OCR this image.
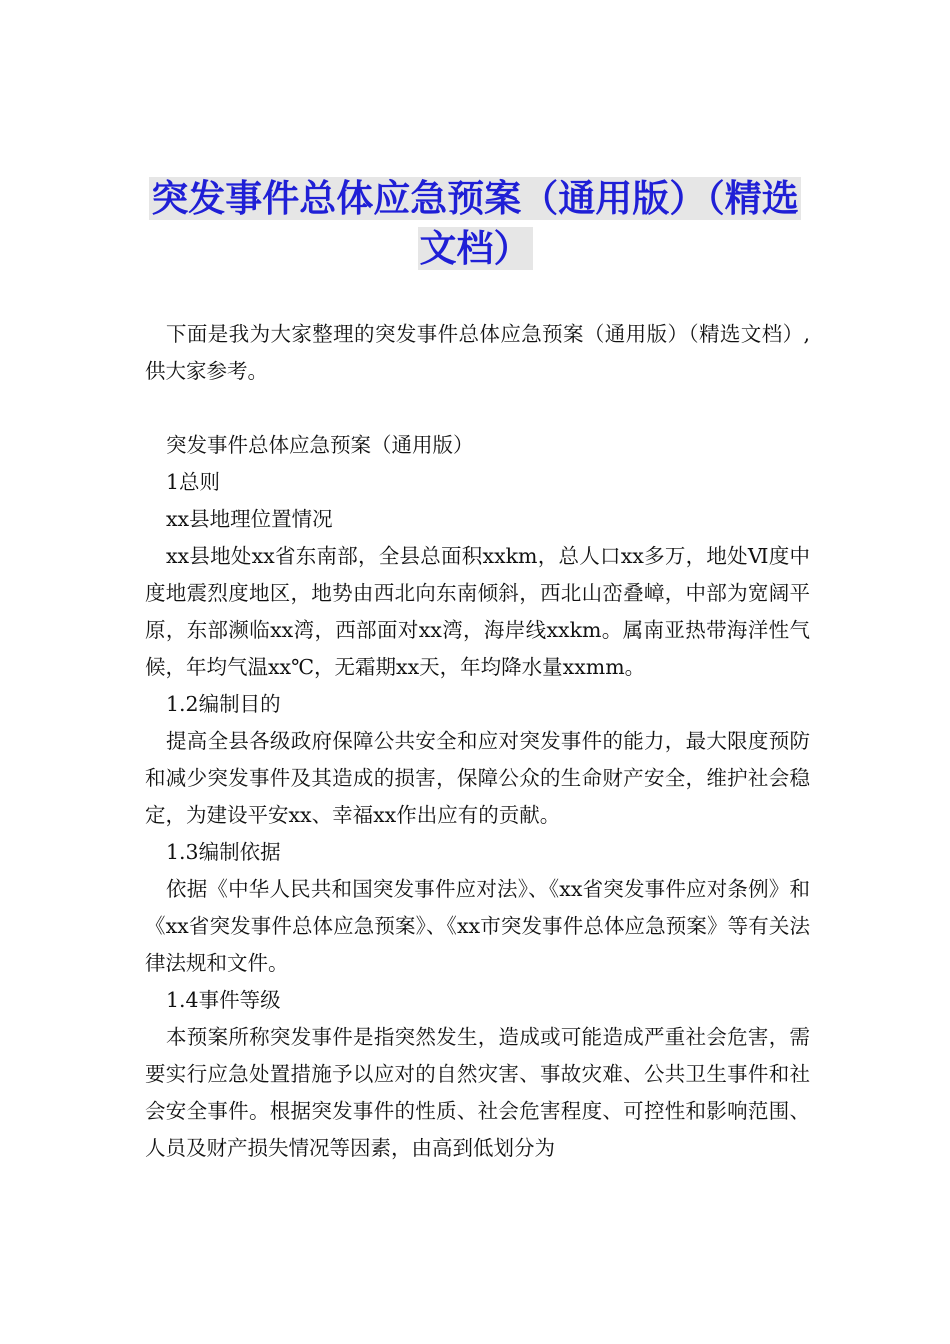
突发事件总体应急预案（通用版）（精选文档）

下面是我为大家整理的突发事件总体应急预案（通用版）（精选文档）,供大家参考。

突发事件总体应急预案（通用版）

1总则

xx县地理位置情况

xx县地处xx省东南部，全县总面积xxkm，总人口xx多万，地处Ⅵ度中度地震烈度地区，地势由西北向东南倾斜，西北山峦叠嶂，中部为宽阔平原，东部濒临xx湾，西部面对xx湾，海岸线xxkm。属南亚热带海洋性气候，年均气温xx℃，无霜期xx天，年均降水量xxmm。

1.2编制目的

提高全县各级政府保障公共安全和应对突发事件的能力，最大限度预防和减少突发事件及其造成的损害，保障公众的生命财产安全，维护社会稳定，为建设平安xx、幸福xx作出应有的贡献。

1.3编制依据

依据《中华人民共和国突发事件应对法》、《xx省突发事件应对条例》和《xx省突发事件总体应急预案》、《xx市突发事件总体应急预案》等有关法律法规和文件。

1.4事件等级

本预案所称突发事件是指突然发生，造成或可能造成严重社会危害，需要实行应急处置措施予以应对的自然灾害、事故灾难、公共卫生事件和社会安全事件。根据突发事件的性质、社会危害程度、可控性和影响范围、人员及财产损失情况等因素，由高到低划分为
